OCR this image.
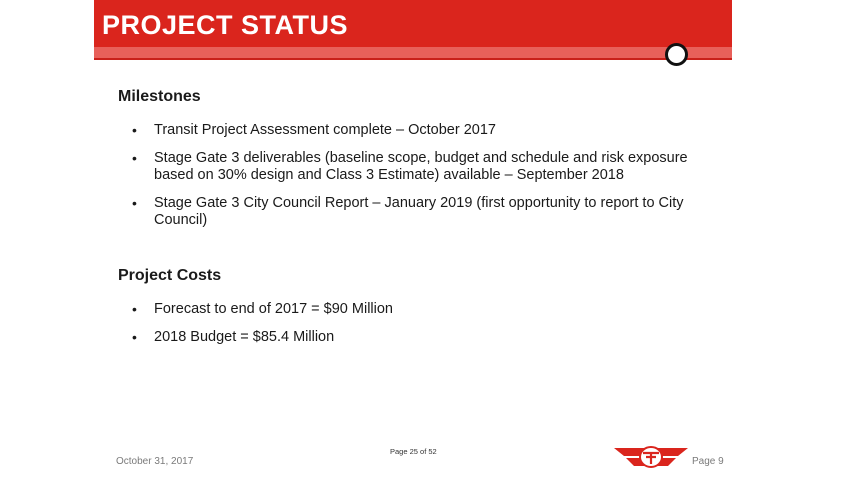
PROJECT STATUS
Milestones
• Transit Project Assessment complete – October 2017
• Stage Gate 3 deliverables (baseline scope, budget and schedule and risk exposure based on 30% design and Class 3 Estimate) available – September 2018
• Stage Gate 3 City Council Report – January 2019 (first opportunity to report to City Council)
Project Costs
• Forecast to end of 2017 = $90 Million
• 2018 Budget = $85.4 Million
October 31, 2017
Page 25 of 52
Page 9
